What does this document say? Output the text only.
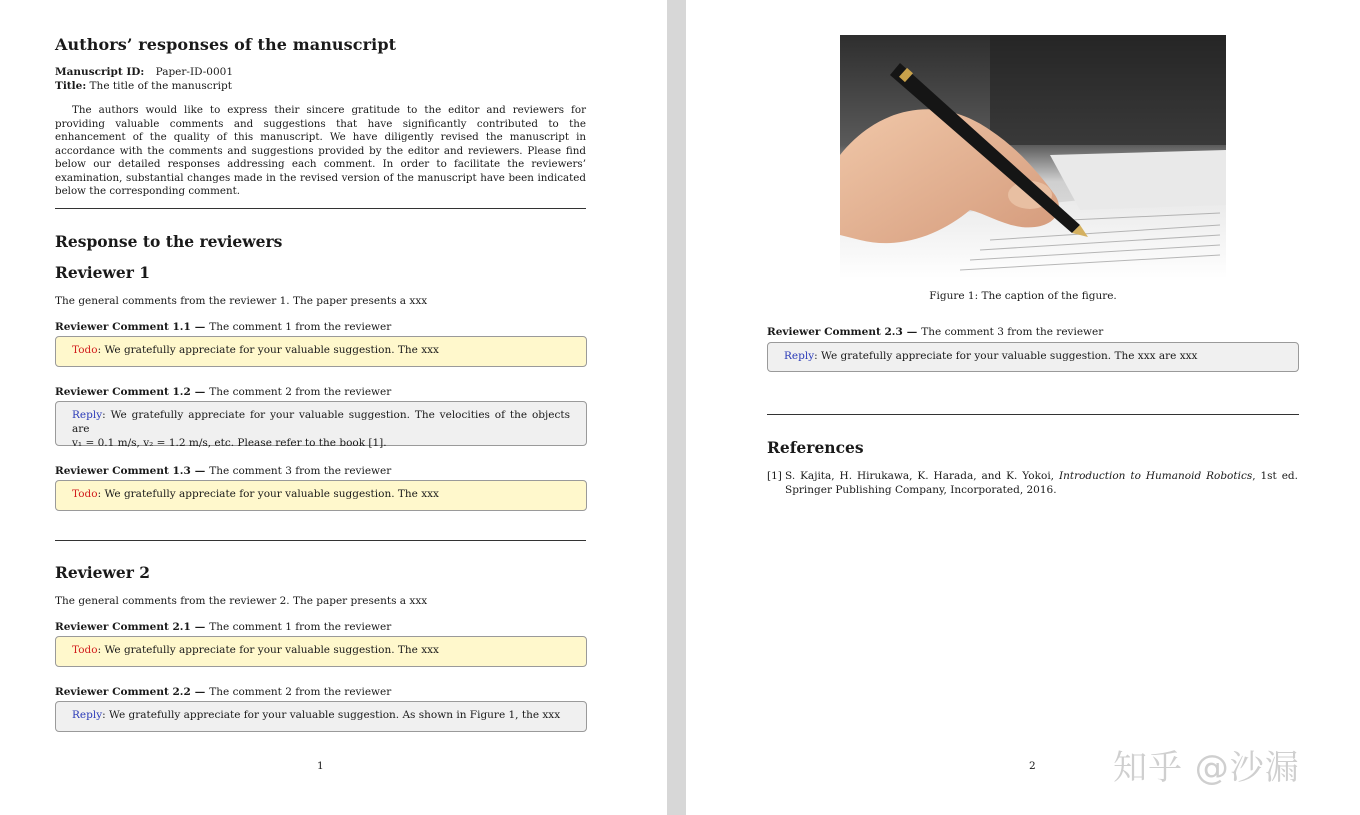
Authors’ responses of the manuscript
Manuscript ID: Paper-ID-0001
Title: The title of the manuscript
The authors would like to express their sincere gratitude to the editor and reviewers for providing valuable comments and suggestions that have significantly contributed to the enhancement of the quality of this manuscript. We have diligently revised the manuscript in accordance with the comments and suggestions provided by the editor and reviewers. Please find below our detailed responses addressing each comment. In order to facilitate the reviewers’ examination, substantial changes made in the revised version of the manuscript have been indicated below the corresponding comment.
Response to the reviewers
Reviewer 1
The general comments from the reviewer 1. The paper presents a xxx
Reviewer Comment 1.1 — The comment 1 from the reviewer
Todo: We gratefully appreciate for your valuable suggestion. The xxx
Reviewer Comment 1.2 — The comment 2 from the reviewer
Reply: We gratefully appreciate for your valuable suggestion. The velocities of the objects are
v₁ = 0.1 m/s, v₂ = 1.2 m/s, etc. Please refer to the book [1].
Reviewer Comment 1.3 — The comment 3 from the reviewer
Todo: We gratefully appreciate for your valuable suggestion. The xxx
Reviewer 2
The general comments from the reviewer 2. The paper presents a xxx
Reviewer Comment 2.1 — The comment 1 from the reviewer
Todo: We gratefully appreciate for your valuable suggestion. The xxx
Reviewer Comment 2.2 — The comment 2 from the reviewer
Reply: We gratefully appreciate for your valuable suggestion. As shown in Figure 1, the xxx
1
Figure 1: The caption of the figure.
Reviewer Comment 2.3 — The comment 3 from the reviewer
Reply: We gratefully appreciate for your valuable suggestion. The xxx are xxx
References
[1] S. Kajita, H. Hirukawa, K. Harada, and K. Yokoi, Introduction to Humanoid Robotics, 1st ed. Springer Publishing Company, Incorporated, 2016.
2 知乎 @沙漏
